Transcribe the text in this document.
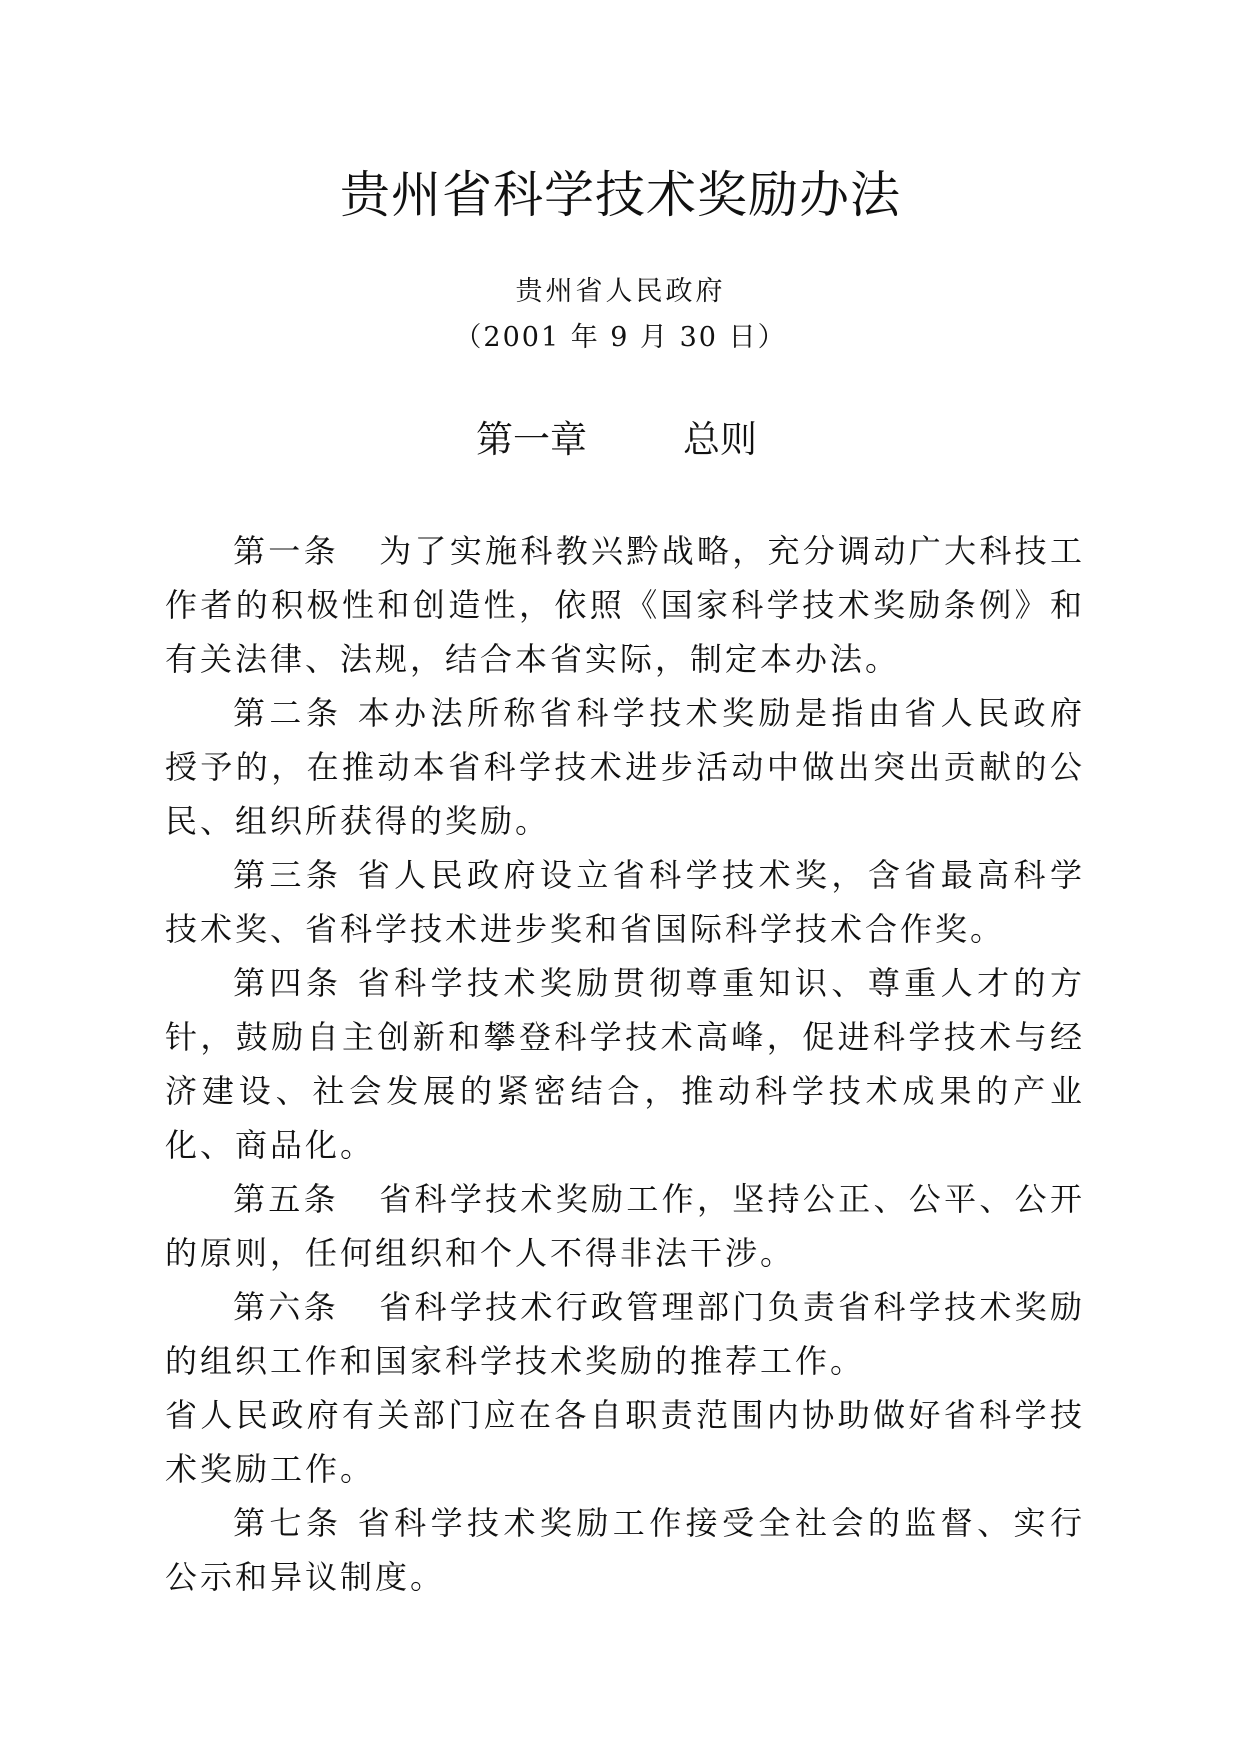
贵州省科学技术奖励办法
贵州省人民政府
（2001 年 9 月 30 日）
第一章	总则

第一条 为了实施科教兴黔战略，充分调动广大科技工作者的积极性和创造性，依照《国家科学技术奖励条例》和有关法律、法规，结合本省实际，制定本办法。

第二条 本办法所称省科学技术奖励是指由省人民政府授予的，在推动本省科学技术进步活动中做出突出贡献的公民、组织所获得的奖励。

第三条 省人民政府设立省科学技术奖，含省最高科学技术奖、省科学技术进步奖和省国际科学技术合作奖。

第四条 省科学技术奖励贯彻尊重知识、尊重人才的方针，鼓励自主创新和攀登科学技术高峰，促进科学技术与经济建设、社会发展的紧密结合，推动科学技术成果的产业化、商品化。

第五条 省科学技术奖励工作，坚持公正、公平、公开的原则，任何组织和个人不得非法干涉。

第六条 省科学技术行政管理部门负责省科学技术奖励的组织工作和国家科学技术奖励的推荐工作。

省人民政府有关部门应在各自职责范围内协助做好省科学技术奖励工作。

第七条 省科学技术奖励工作接受全社会的监督、实行公示和异议制度。
